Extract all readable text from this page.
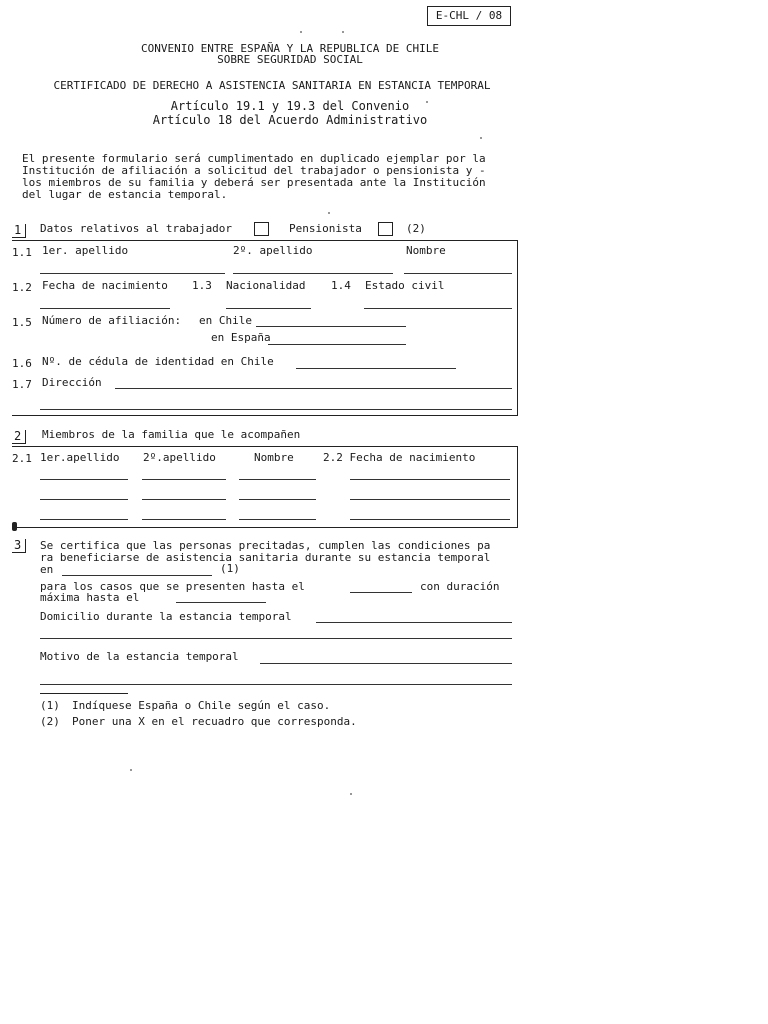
E-CHL / 08
CONVENIO ENTRE ESPAÑA Y LA REPUBLICA DE CHILE
SOBRE SEGURIDAD SOCIAL
CERTIFICADO DE DERECHO A ASISTENCIA SANITARIA EN ESTANCIA TEMPORAL
Artículo 19.1 y 19.3 del Convenio
Artículo 18 del Acuerdo Administrativo
El presente formulario será cumplimentado en duplicado ejemplar por la
Institución de afiliación a solicitud del trabajador o pensionista y -
los miembros de su familia y deberá ser presentada ante la Institución
del lugar de estancia temporal.
1	Datos relativos al trabajador	Pensionista	(2)
1.1 1er. apellido	2º. apellido	Nombre
1.2 Fecha de nacimiento 1.3 Nacionalidad 1.4 Estado civil
1.5 Número de afiliación: en Chile
en España
1.6 Nº. de cédula de identidad en Chile
1.7 Dirección
2	Miembros de la familia que le acompañen
2.1 1er.apellido 2º.apellido	Nombre	2.2 Fecha de nacimiento
3	Se certifica que las personas precitadas, cumplen las condiciones pa
ra beneficiarse de asistencia sanitaria durante su estancia temporal
en	(1)
para los casos que se presenten hasta el	con duración
máxima hasta el
Domicilio durante la estancia temporal
Motivo de la estancia temporal
(1) Indíquese España o Chile según el caso.
(2) Poner una X en el recuadro que corresponda.
